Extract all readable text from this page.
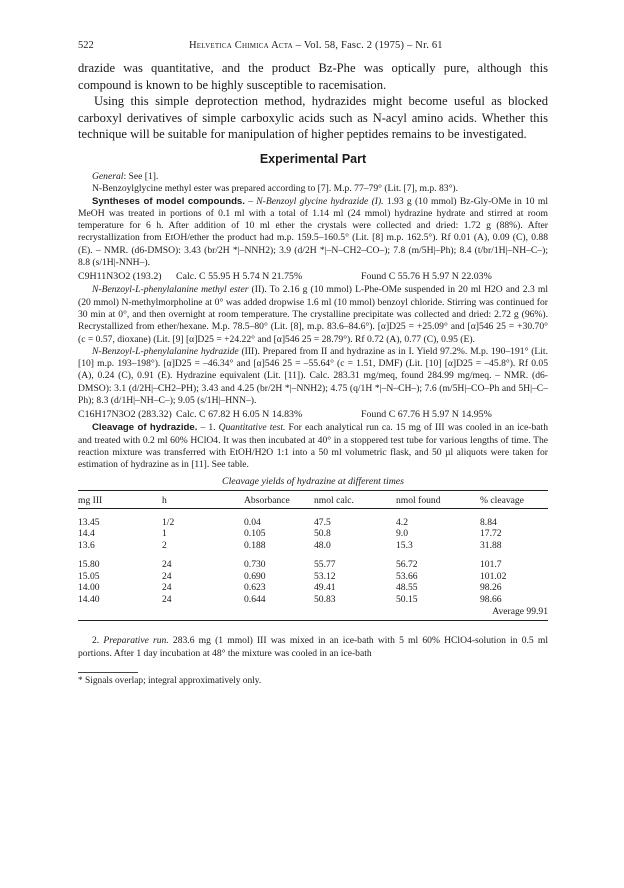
522	Helvetica Chimica Acta – Vol. 58, Fasc. 2 (1975) – Nr. 61

drazide was quantitative, and the product Bz-Phe was optically pure, although this compound is known to be highly susceptible to racemisation.

Using this simple deprotection method, hydrazides might become useful as blocked carboxyl derivatives of simple carboxylic acids such as N-acyl amino acids. Whether this technique will be suitable for manipulation of higher peptides remains to be investigated.

Experimental Part

General: See [1].

N-Benzoylglycine methyl ester was prepared according to [7]. M.p. 77–79° (Lit. [7], m.p. 83°).

Syntheses of model compounds. – N-Benzoyl glycine hydrazide (I). 1.93 g (10 mmol) Bz-Gly-OMe in 10 ml MeOH was treated in portions of 0.1 ml with a total of 1.14 ml (24 mmol) hydrazine hydrate and stirred at room temperature for 6 h. After addition of 10 ml ether the crystals were collected and dried: 1.72 g (88%). After recrystallization from EtOH/ether the product had m.p. 159.5–160.5° (Lit. [8] m.p. 162.5°). Rf 0.01 (A), 0.09 (C), 0.88 (E). – NMR. (d6-DMSO): 3.43 (br/2H *|–NNH2); 3.9 (d/2H *|–N–CH2–CO–); 7.8 (m/5H|–Ph); 8.4 (t/br/1H|–NH–C–); 8.8 (s/1H|-NNH–).

C9H11N3O2 (193.2)	Calc. C 55.95 H 5.74 N 21.75%	Found C 55.76 H 5.97 N 22.03%

N-Benzoyl-L-phenylalanine methyl ester (II). To 2.16 g (10 mmol) L-Phe-OMe suspended in 20 ml H2O and 2.3 ml (20 mmol) N-methylmorpholine at 0° was added dropwise 1.6 ml (10 mmol) benzoyl chloride. Stirring was continued for 30 min at 0°, and then overnight at room temperature. The crystalline precipitate was collected and dried: 2.72 g (96%). Recrystallized from ether/hexane. M.p. 78.5–80° (Lit. [8], m.p. 83.6–84.6°). [α]D25 = +25.09° and [α]546 25 = +30.70° (c = 0.57, dioxane) (Lit. [9] [α]D25 = +24.22° and [α]546 25 = 28.79°). Rf 0.72 (A), 0.77 (C), 0.95 (E).

N-Benzoyl-L-phenylalanine hydrazide (III). Prepared from II and hydrazine as in I. Yield 97.2%. M.p. 190–191° (Lit. [10] m.p. 193–198°). [α]D25 = –46.34° and [α]546 25 = –55.64° (c = 1.51, DMF) (Lit. [10] [α]D25 = –45.8°). Rf 0.05 (A), 0.24 (C), 0.91 (E). Hydrazine equivalent (Lit. [11]). Calc. 283.31 mg/meq, found 284.99 mg/meq. – NMR. (d6-DMSO): 3.1 (d/2H|–CH2–PH); 3.43 and 4.25 (br/2H *|–NNH2); 4.75 (q/1H *|–N–CH–); 7.6 (m/5H|–CO–Ph and 5H|–C–Ph); 8.3 (d/1H|–NH–C–); 9.05 (s/1H|–HNN–).

C16H17N3O2 (283.32) Calc. C 67.82 H 6.05 N 14.83%	Found C 67.76 H 5.97 N 14.95%

Cleavage of hydrazide. – 1. Quantitative test. For each analytical run ca. 15 mg of III was cooled in an ice-bath and treated with 0.2 ml 60% HClO4. It was then incubated at 40° in a stoppered test tube for various lengths of time. The reaction mixture was transferred with EtOH/H2O 1:1 into a 50 ml volumetric flask, and 50 µl aliquots were taken for estimation of hydrazine as in [11]. See table.

Cleavage yields of hydrazine at different times
mg III	h	Absorbance	nmol calc.	nmol found	% cleavage
13.45	1/2	0.04	47.5	4.2	8.84
14.4	1	0.105	50.8	9.0	17.72
13.6	2	0.188	48.0	15.3	31.88
15.80	24	0.730	55.77	56.72	101.7
15.05	24	0.690	53.12	53.66	101.02
14.00	24	0.623	49.41	48.55	98.26
14.40	24	0.644	50.83	50.15	98.66
Average 99.91					

2. Preparative run. 283.6 mg (1 mmol) III was mixed in an ice-bath with 5 ml 60% HClO4-solution in 0.5 ml portions. After 1 day incubation at 48° the mixture was cooled in an ice-bath

* Signals overlap; integral approximatively only.
